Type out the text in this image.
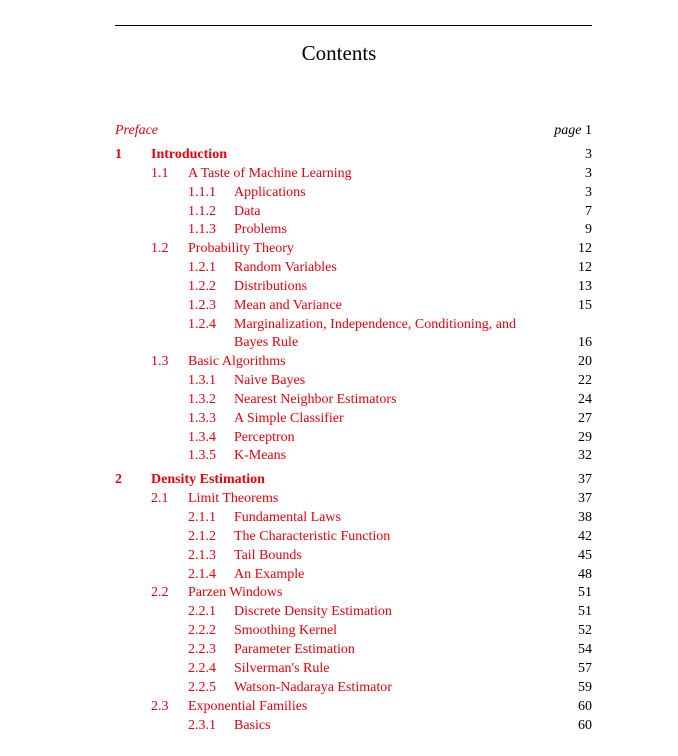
Contents
Preface	page 1
1 Introduction	3
1.1 A Taste of Machine Learning	3
1.1.1 Applications	3
1.1.2 Data	7
1.1.3 Problems	9
1.2 Probability Theory	12
1.2.1 Random Variables	12
1.2.2 Distributions	13
1.2.3 Mean and Variance	15
1.2.4 Marginalization, Independence, Conditioning, and
Bayes Rule	16
1.3 Basic Algorithms	20
1.3.1 Naive Bayes	22
1.3.2 Nearest Neighbor Estimators	24
1.3.3 A Simple Classifier	27
1.3.4 Perceptron	29
1.3.5 K-Means	32
2 Density Estimation	37
2.1 Limit Theorems	37
2.1.1 Fundamental Laws	38
2.1.2 The Characteristic Function	42
2.1.3 Tail Bounds	45
2.1.4 An Example	48
2.2 Parzen Windows	51
2.2.1 Discrete Density Estimation	51
2.2.2 Smoothing Kernel	52
2.2.3 Parameter Estimation	54
2.2.4 Silverman's Rule	57
2.2.5 Watson-Nadaraya Estimator	59
2.3 Exponential Families	60
2.3.1 Basics	60
